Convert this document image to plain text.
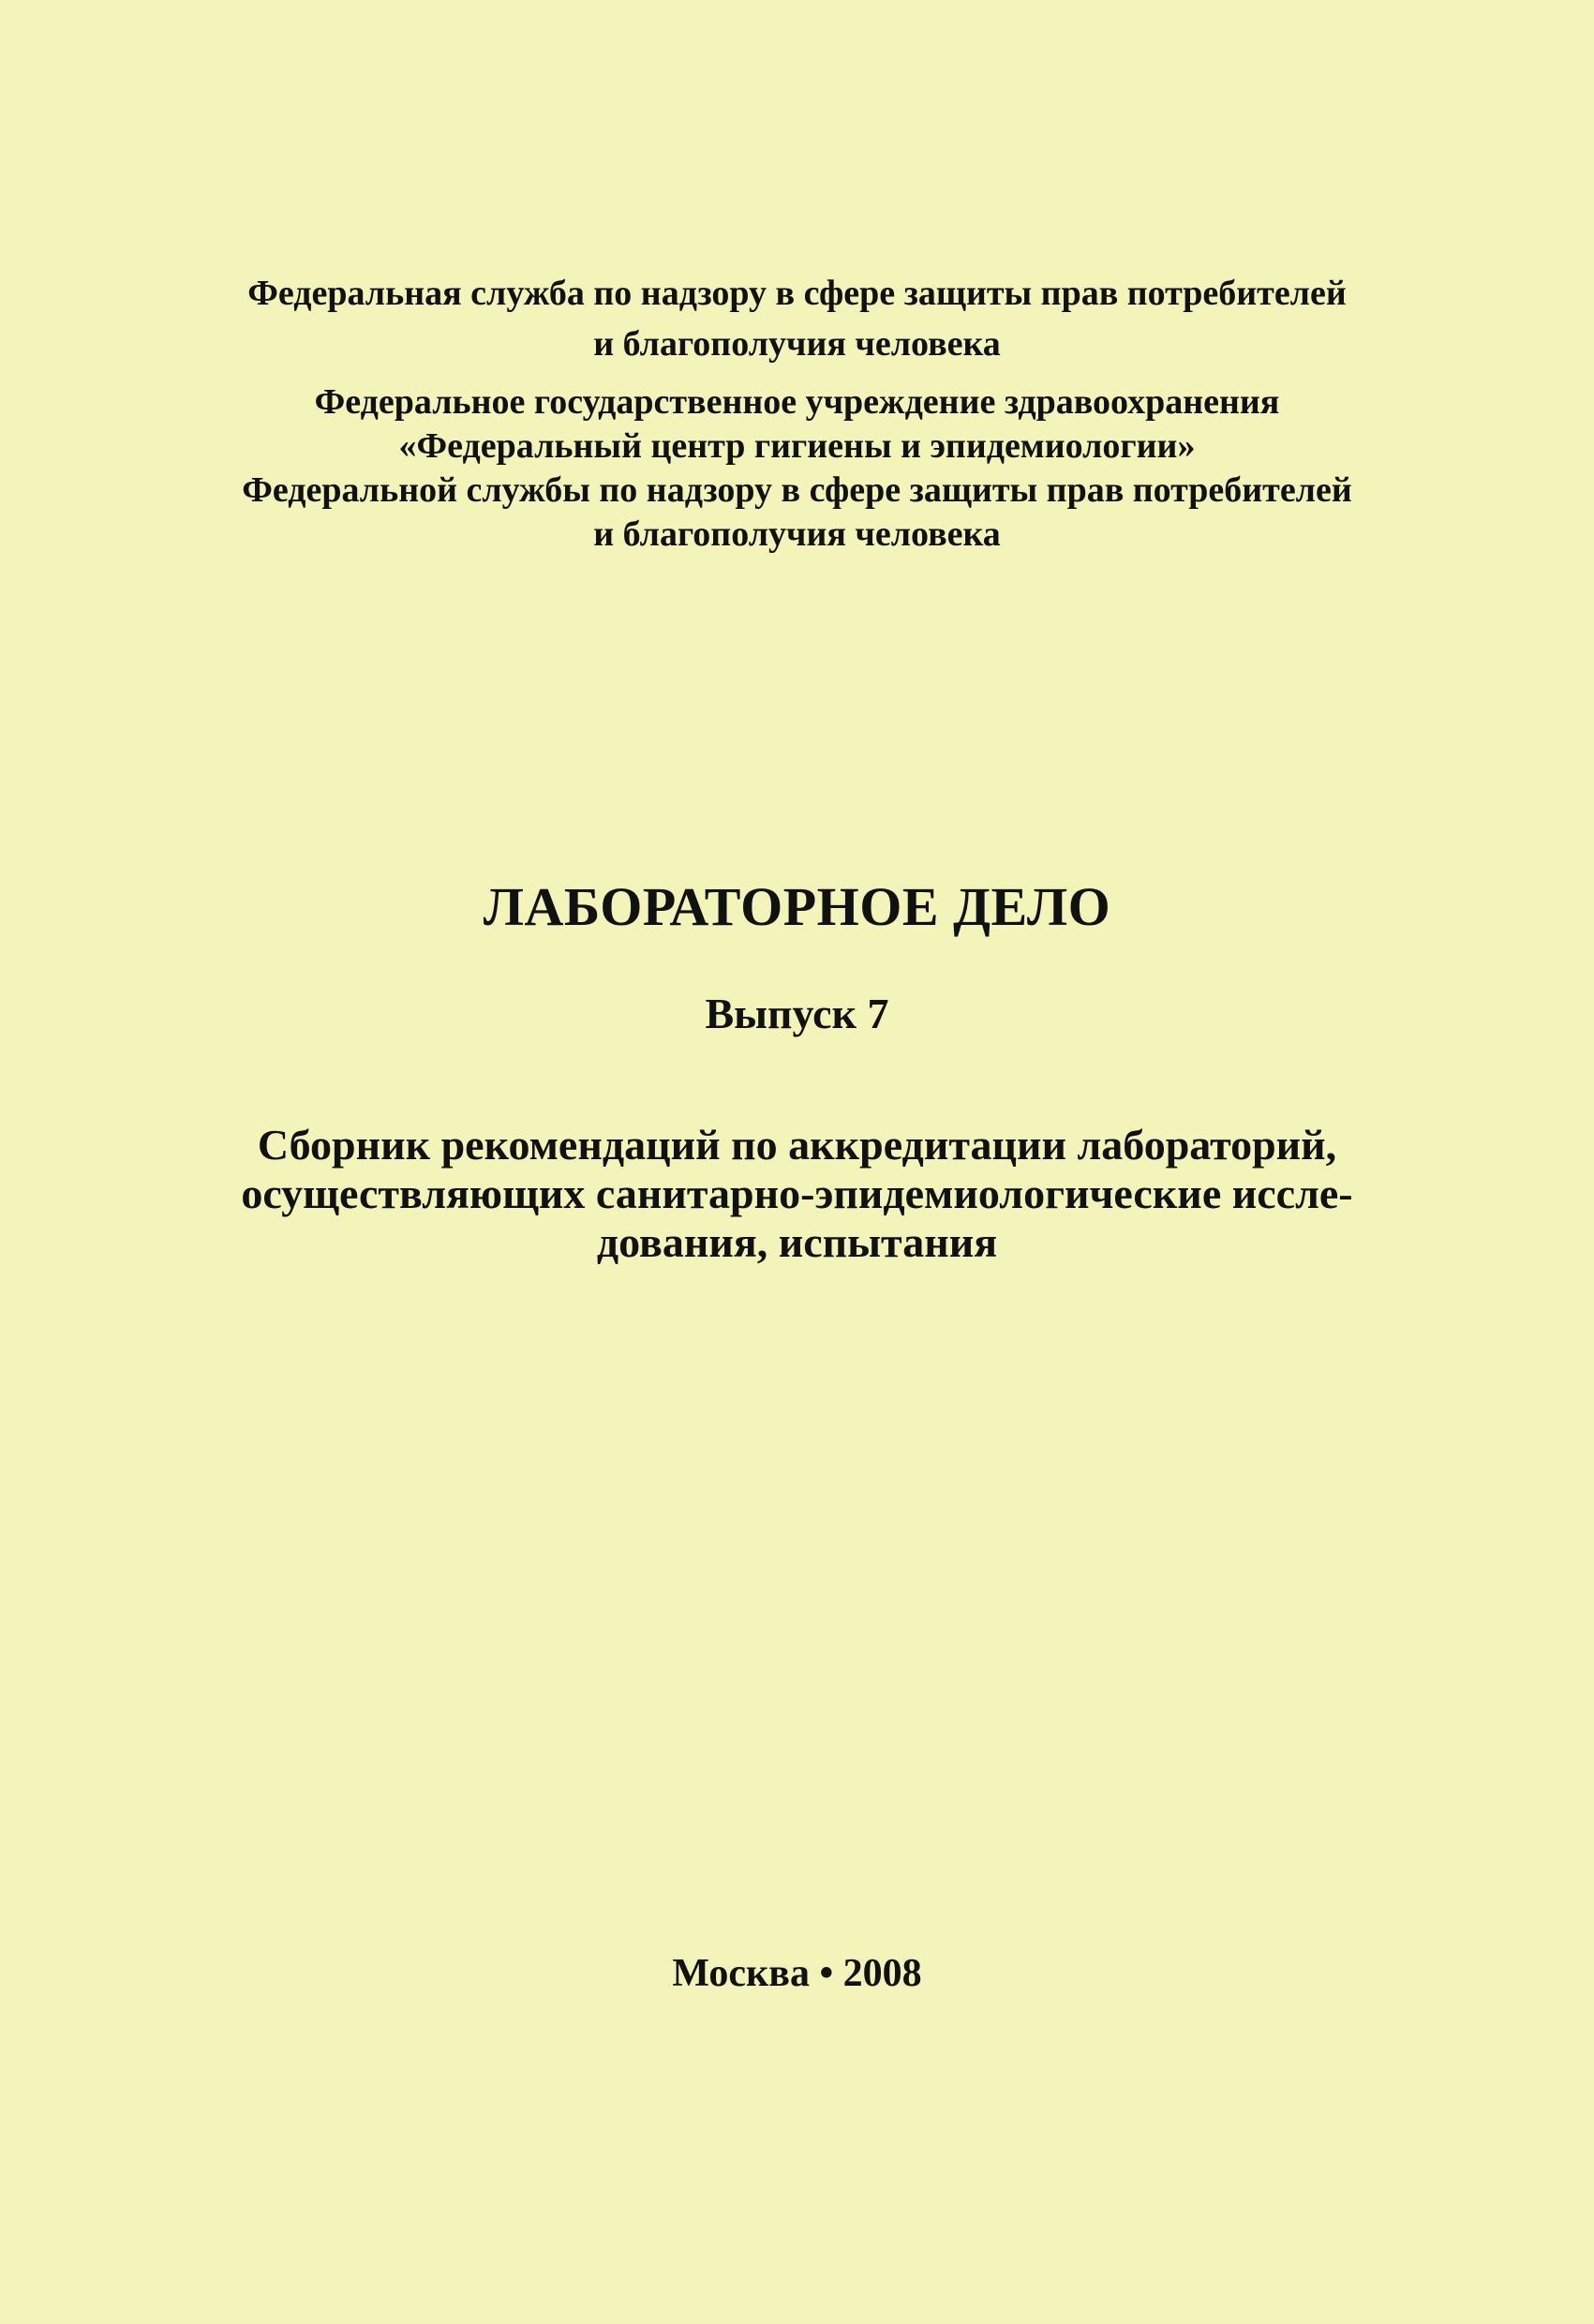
Федеральная служба по надзору в сфере защиты прав потребителей
и благополучия человека
Федеральное государственное учреждение здравоохранения
«Федеральный центр гигиены и эпидемиологии»
Федеральной службы по надзору в сфере защиты прав потребителей
и благополучия человека
ЛАБОРАТОРНОЕ ДЕЛО
Выпуск 7
Сборник рекомендаций по аккредитации лабораторий,
осуществляющих санитарно-эпидемиологические иссле-
дования, испытания
Москва • 2008
